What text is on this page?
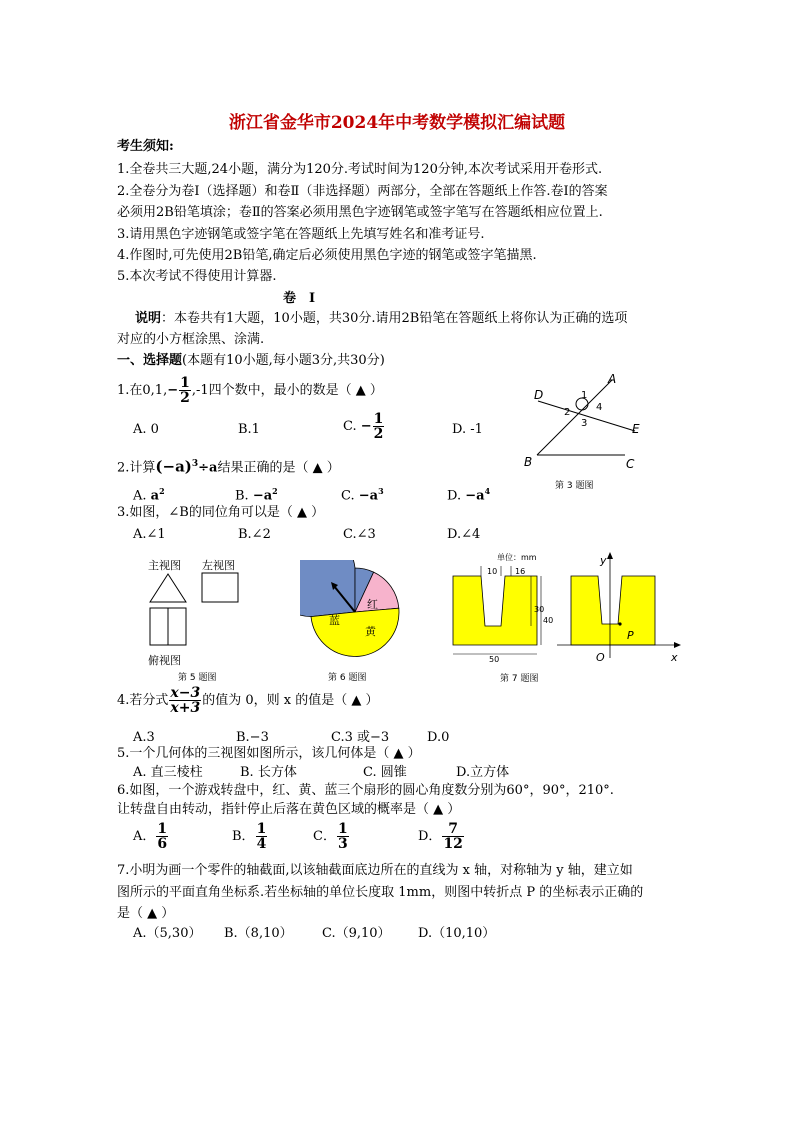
浙江省金华市2024年中考数学模拟汇编试题
考生须知:
1.全卷共三大题,24小题，满分为120分.考试时间为120分钟,本次考试采用开卷形式.
2.全卷分为卷Ⅰ（选择题）和卷Ⅱ（非选择题）两部分，全部在答题纸上作答.卷Ⅰ的答案
必须用2B铅笔填涂；卷Ⅱ的答案必须用黑色字迹钢笔或签字笔写在答题纸相应位置上.
3.请用黑色字迹钢笔或签字笔在答题纸上先填写姓名和准考证号.
4.作图时,可先使用2B铅笔,确定后必须使用黑色字迹的钢笔或签字笔描黑.
5.本次考试不得使用计算器.
卷　Ⅰ
说明：本卷共有1大题，10小题，共30分.请用2B铅笔在答题纸上将你认为正确的选项
对应的小方框涂黑、涂满.
一、选择题(本题有10小题,每小题3分,共30分)
1.在$0,1,- \frac{1}{2} ,-1$四个数中，最小的数是（ ▲ ）
A. 0	B.1	C. − $\frac{1}{2}$	D. -1
2.计算$(-a)^3\div a$结果正确的是（ ▲ ）
A. $a^2$	B. $-a^2$	C. $-a^3$	D. $-a^4$
3.如图，∠B的同位角可以是（ ▲ ）
A.∠1	B.∠2	C.∠3	D.∠4
A
D
E
B	C
1
2
3
4
第 3 题图
主视图 左视图
俯视图
第 5 题图
红
黄
蓝
第 6 题图
单位：mm
10 16
30
40
50
y
x
O
P
第 7 题图
4.若分式 $\frac{x-3}{x+3}$ 的值为 0，则 x 的值是（ ▲ ）
A.3	B.−3	C.3 或−3	D.0
5.一个几何体的三视图如图所示，该几何体是（ ▲ ）
A. 直三棱柱	B. 长方体	C. 圆锥	D.立方体
6.如图，一个游戏转盘中，红、黄、蓝三个扇形的圆心角度数分别为60°，90°，210°.
让转盘自由转动，指针停止后落在黄色区域的概率是（ ▲ ）
A． $\frac{1}{6}$	B． $\frac{1}{4}$	C． $\frac{1}{3}$	D． $\frac{7}{12}$
7.小明为画一个零件的轴截面,以该轴截面底边所在的直线为 x 轴，对称轴为 y 轴，建立如
图所示的平面直角坐标系.若坐标轴的单位长度取 1mm，则图中转折点 P 的坐标表示正确的
是（ ▲ ）
A.（5,30） B.（8,10） C.（9,10） D.（10,10）
